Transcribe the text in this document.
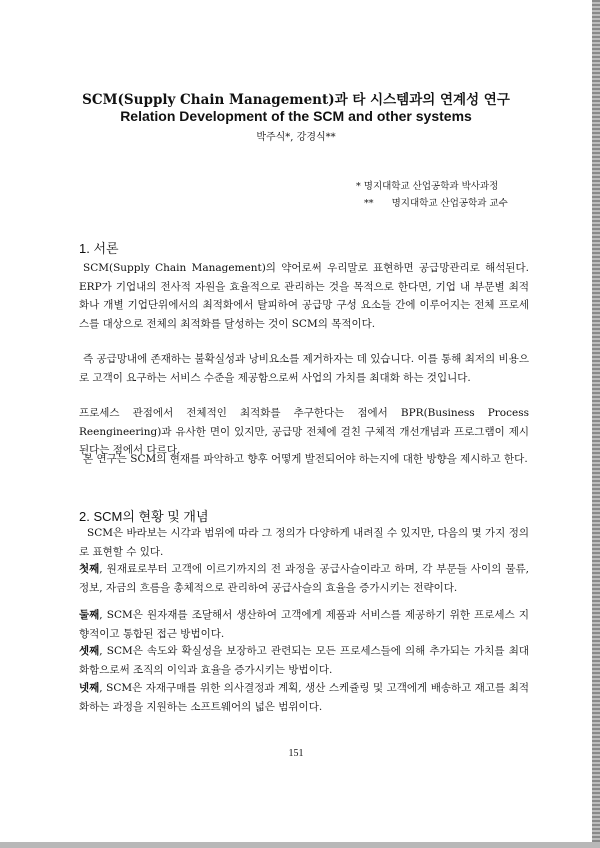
SCM(Supply Chain Management)과 타 시스템과의 연계성 연구
Relation Development of the SCM and other systems
박주식*, 강경식**
* 명지대학교 산업공학과 박사과정
**      명지대학교 산업공학과 교수
1. 서론

SCM(Supply Chain Management)의 약어로써 우리말로 표현하면 공급망관리로 해석된다. ERP가 기업내의 전사적 자원을 효율적으로 관리하는 것을 목적으로 한다면, 기업 내 부문별 최적화나 개별 기업단위에서의 최적화에서 탈피하여 공급망 구성 요소들 간에 이루어지는 전체 프로세스를 대상으로 전체의 최적화를 달성하는 것이 SCM의 목적이다.

즉 공급망내에 존재하는 불확실성과 낭비요소를 제거하자는 데 있습니다. 이를 통해 최저의 비용으로 고객이 요구하는 서비스 수준을 제공함으로써 사업의 가치를 최대화 하는 것입니다.

프로세스 관점에서 전체적인 최적화를 추구한다는 점에서 BPR(Business Process Reengineering)과 유사한 면이 있지만, 공급망 전체에 걸친 구체적 개선개념과 프로그램이 제시된다는 점에서 다르다.

본 연구는 SCM의 현재를 파악하고 향후 어떻게 발전되어야 하는지에 대한 방향을 제시하고 한다.

2. SCM의 현황 및 개념

SCM은 바라보는 시각과 범위에 따라 그 정의가 다양하게 내려질 수 있지만, 다음의 몇 가지 정의로 표현할 수 있다.

첫째, 원재료로부터 고객에 이르기까지의 전 과정을 공급사슬이라고 하며, 각 부문들 사이의 물류, 정보, 자금의 흐름을 총체적으로 관리하여 공급사슬의 효율을 증가시키는 전략이다.

둘째, SCM은 원자재를 조달해서 생산하여 고객에게 제품과 서비스를 제공하기 위한 프로세스 지향적이고 통합된 접근 방법이다.

셋째, SCM은 속도와 확실성을 보장하고 관련되는 모든 프로세스들에 의해 추가되는 가치를 최대화함으로써 조직의 이익과 효율을 증가시키는 방법이다.

넷째, SCM은 자재구매를 위한 의사결정과 계획, 생산 스케쥴링 및 고객에게 배송하고 재고를 최적화하는 과정을 지원하는 소프트웨어의 넓은 범위이다.

151
